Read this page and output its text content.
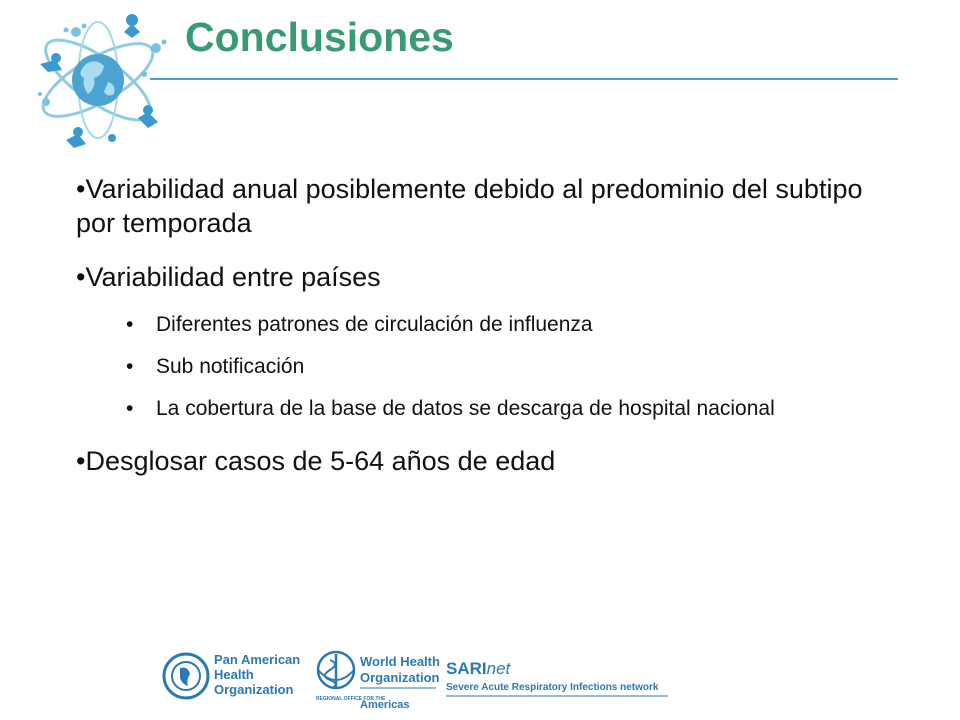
Conclusiones
•Variabilidad anual posiblemente debido al predominio del subtipo por temporada
•Variabilidad entre países
•	Diferentes patrones de circulación de influenza
•	Sub notificación
•	La cobertura de la base de datos se descarga de hospital nacional
•Desglosar casos de 5-64 años de edad
Pan American
Health
Organization
World Health
Organization
REGIONAL OFFICE FOR THE
Americas
SARInet
Severe Acute Respiratory Infections network
